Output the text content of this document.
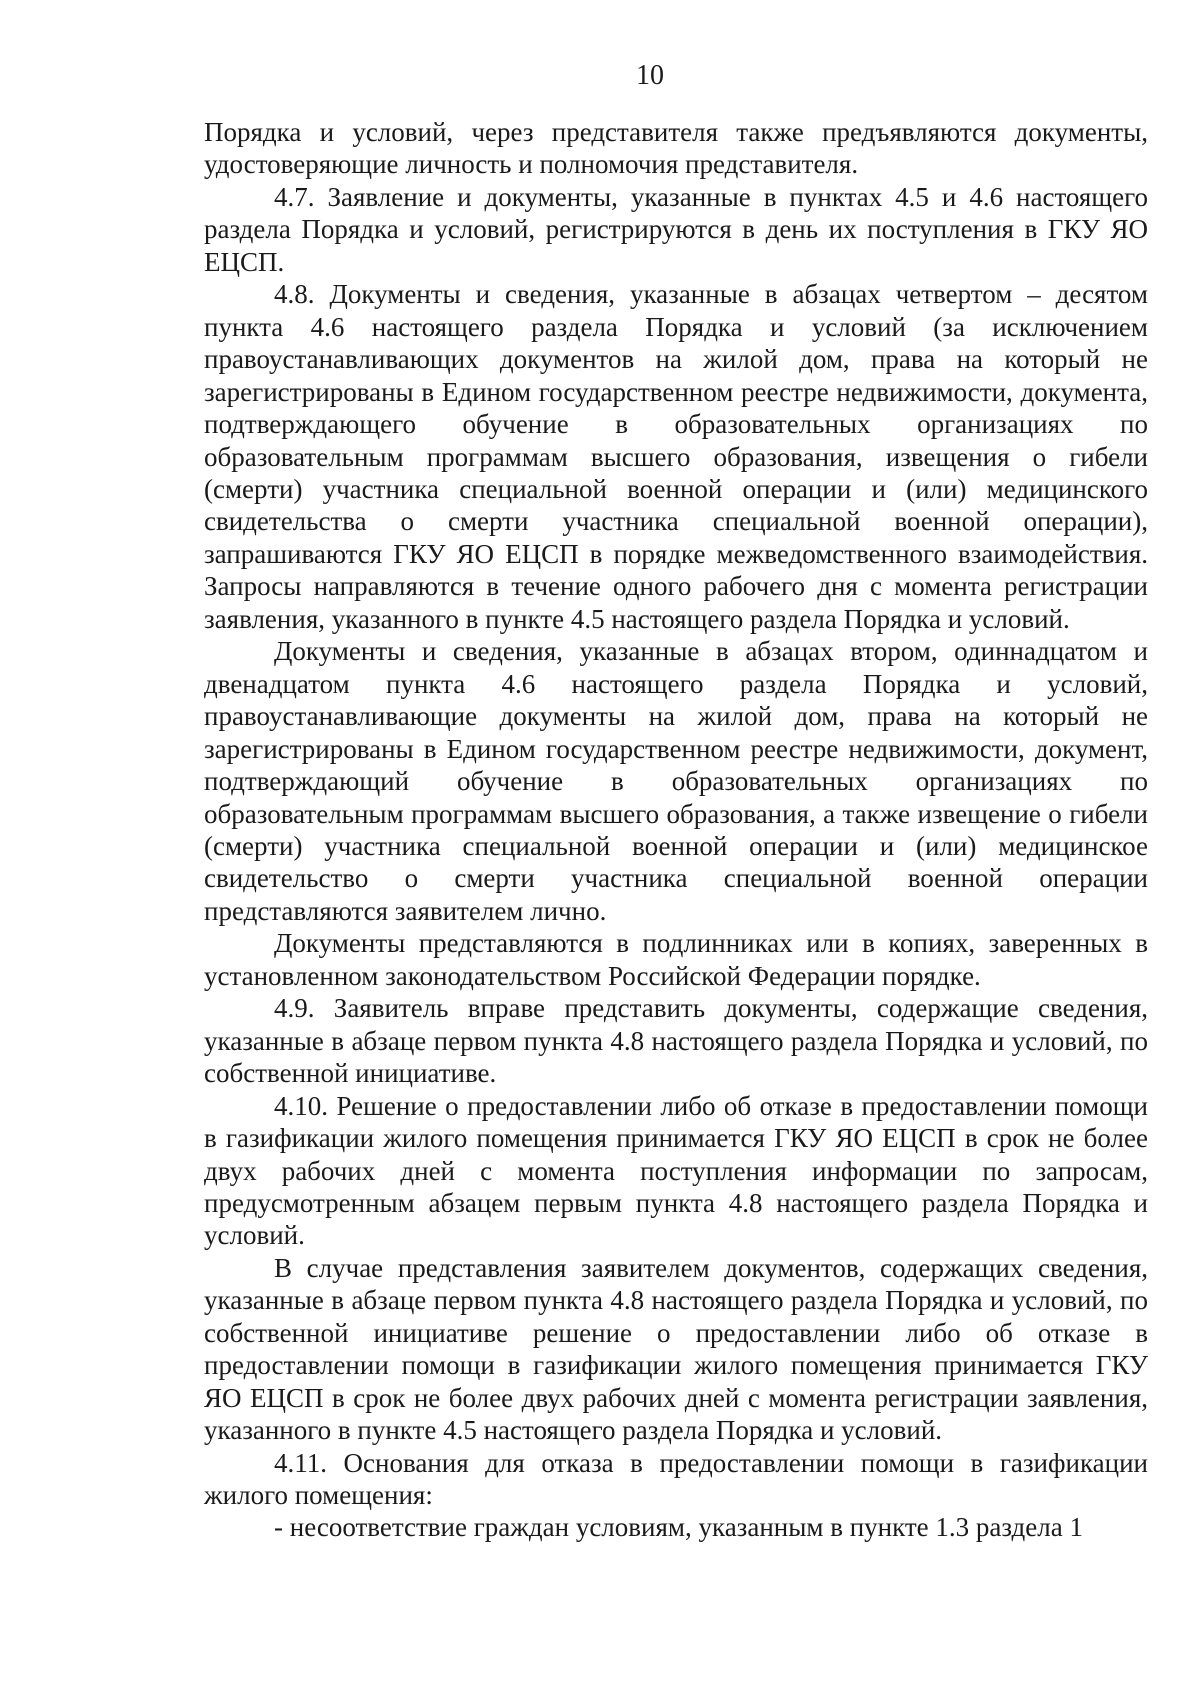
10

Порядка и условий, через представителя также предъявляются документы, удостоверяющие личность и полномочия представителя.

4.7. Заявление и документы, указанные в пунктах 4.5 и 4.6 настоящего раздела Порядка и условий, регистрируются в день их поступления в ГКУ ЯО ЕЦСП.

4.8. Документы и сведения, указанные в абзацах четвертом – десятом пункта 4.6 настоящего раздела Порядка и условий (за исключением правоустанавливающих документов на жилой дом, права на который не зарегистрированы в Едином государственном реестре недвижимости, документа, подтверждающего обучение в образовательных организациях по образовательным программам высшего образования, извещения о гибели (смерти) участника специальной военной операции и (или) медицинского свидетельства о смерти участника специальной военной операции), запрашиваются ГКУ ЯО ЕЦСП в порядке межведомственного взаимодействия. Запросы направляются в течение одного рабочего дня с момента регистрации заявления, указанного в пункте 4.5 настоящего раздела Порядка и условий.

Документы и сведения, указанные в абзацах втором, одиннадцатом и двенадцатом пункта 4.6 настоящего раздела Порядка и условий, правоустанавливающие документы на жилой дом, права на который не зарегистрированы в Едином государственном реестре недвижимости, документ, подтверждающий обучение в образовательных организациях по образовательным программам высшего образования, а также извещение о гибели (смерти) участника специальной военной операции и (или) медицинское свидетельство о смерти участника специальной военной операции представляются заявителем лично.

Документы представляются в подлинниках или в копиях, заверенных в установленном законодательством Российской Федерации порядке.

4.9. Заявитель вправе представить документы, содержащие сведения, указанные в абзаце первом пункта 4.8 настоящего раздела Порядка и условий, по собственной инициативе.

4.10. Решение о предоставлении либо об отказе в предоставлении помощи в газификации жилого помещения принимается ГКУ ЯО ЕЦСП в срок не более двух рабочих дней с момента поступления информации по запросам, предусмотренным абзацем первым пункта 4.8 настоящего раздела Порядка и условий.

В случае представления заявителем документов, содержащих сведения, указанные в абзаце первом пункта 4.8 настоящего раздела Порядка и условий, по собственной инициативе решение о предоставлении либо об отказе в предоставлении помощи в газификации жилого помещения принимается ГКУ ЯО ЕЦСП в срок не более двух рабочих дней с момента регистрации заявления, указанного в пункте 4.5 настоящего раздела Порядка и условий.

4.11. Основания для отказа в предоставлении помощи в газификации жилого помещения:

- несоответствие граждан условиям, указанным в пункте 1.3 раздела 1
